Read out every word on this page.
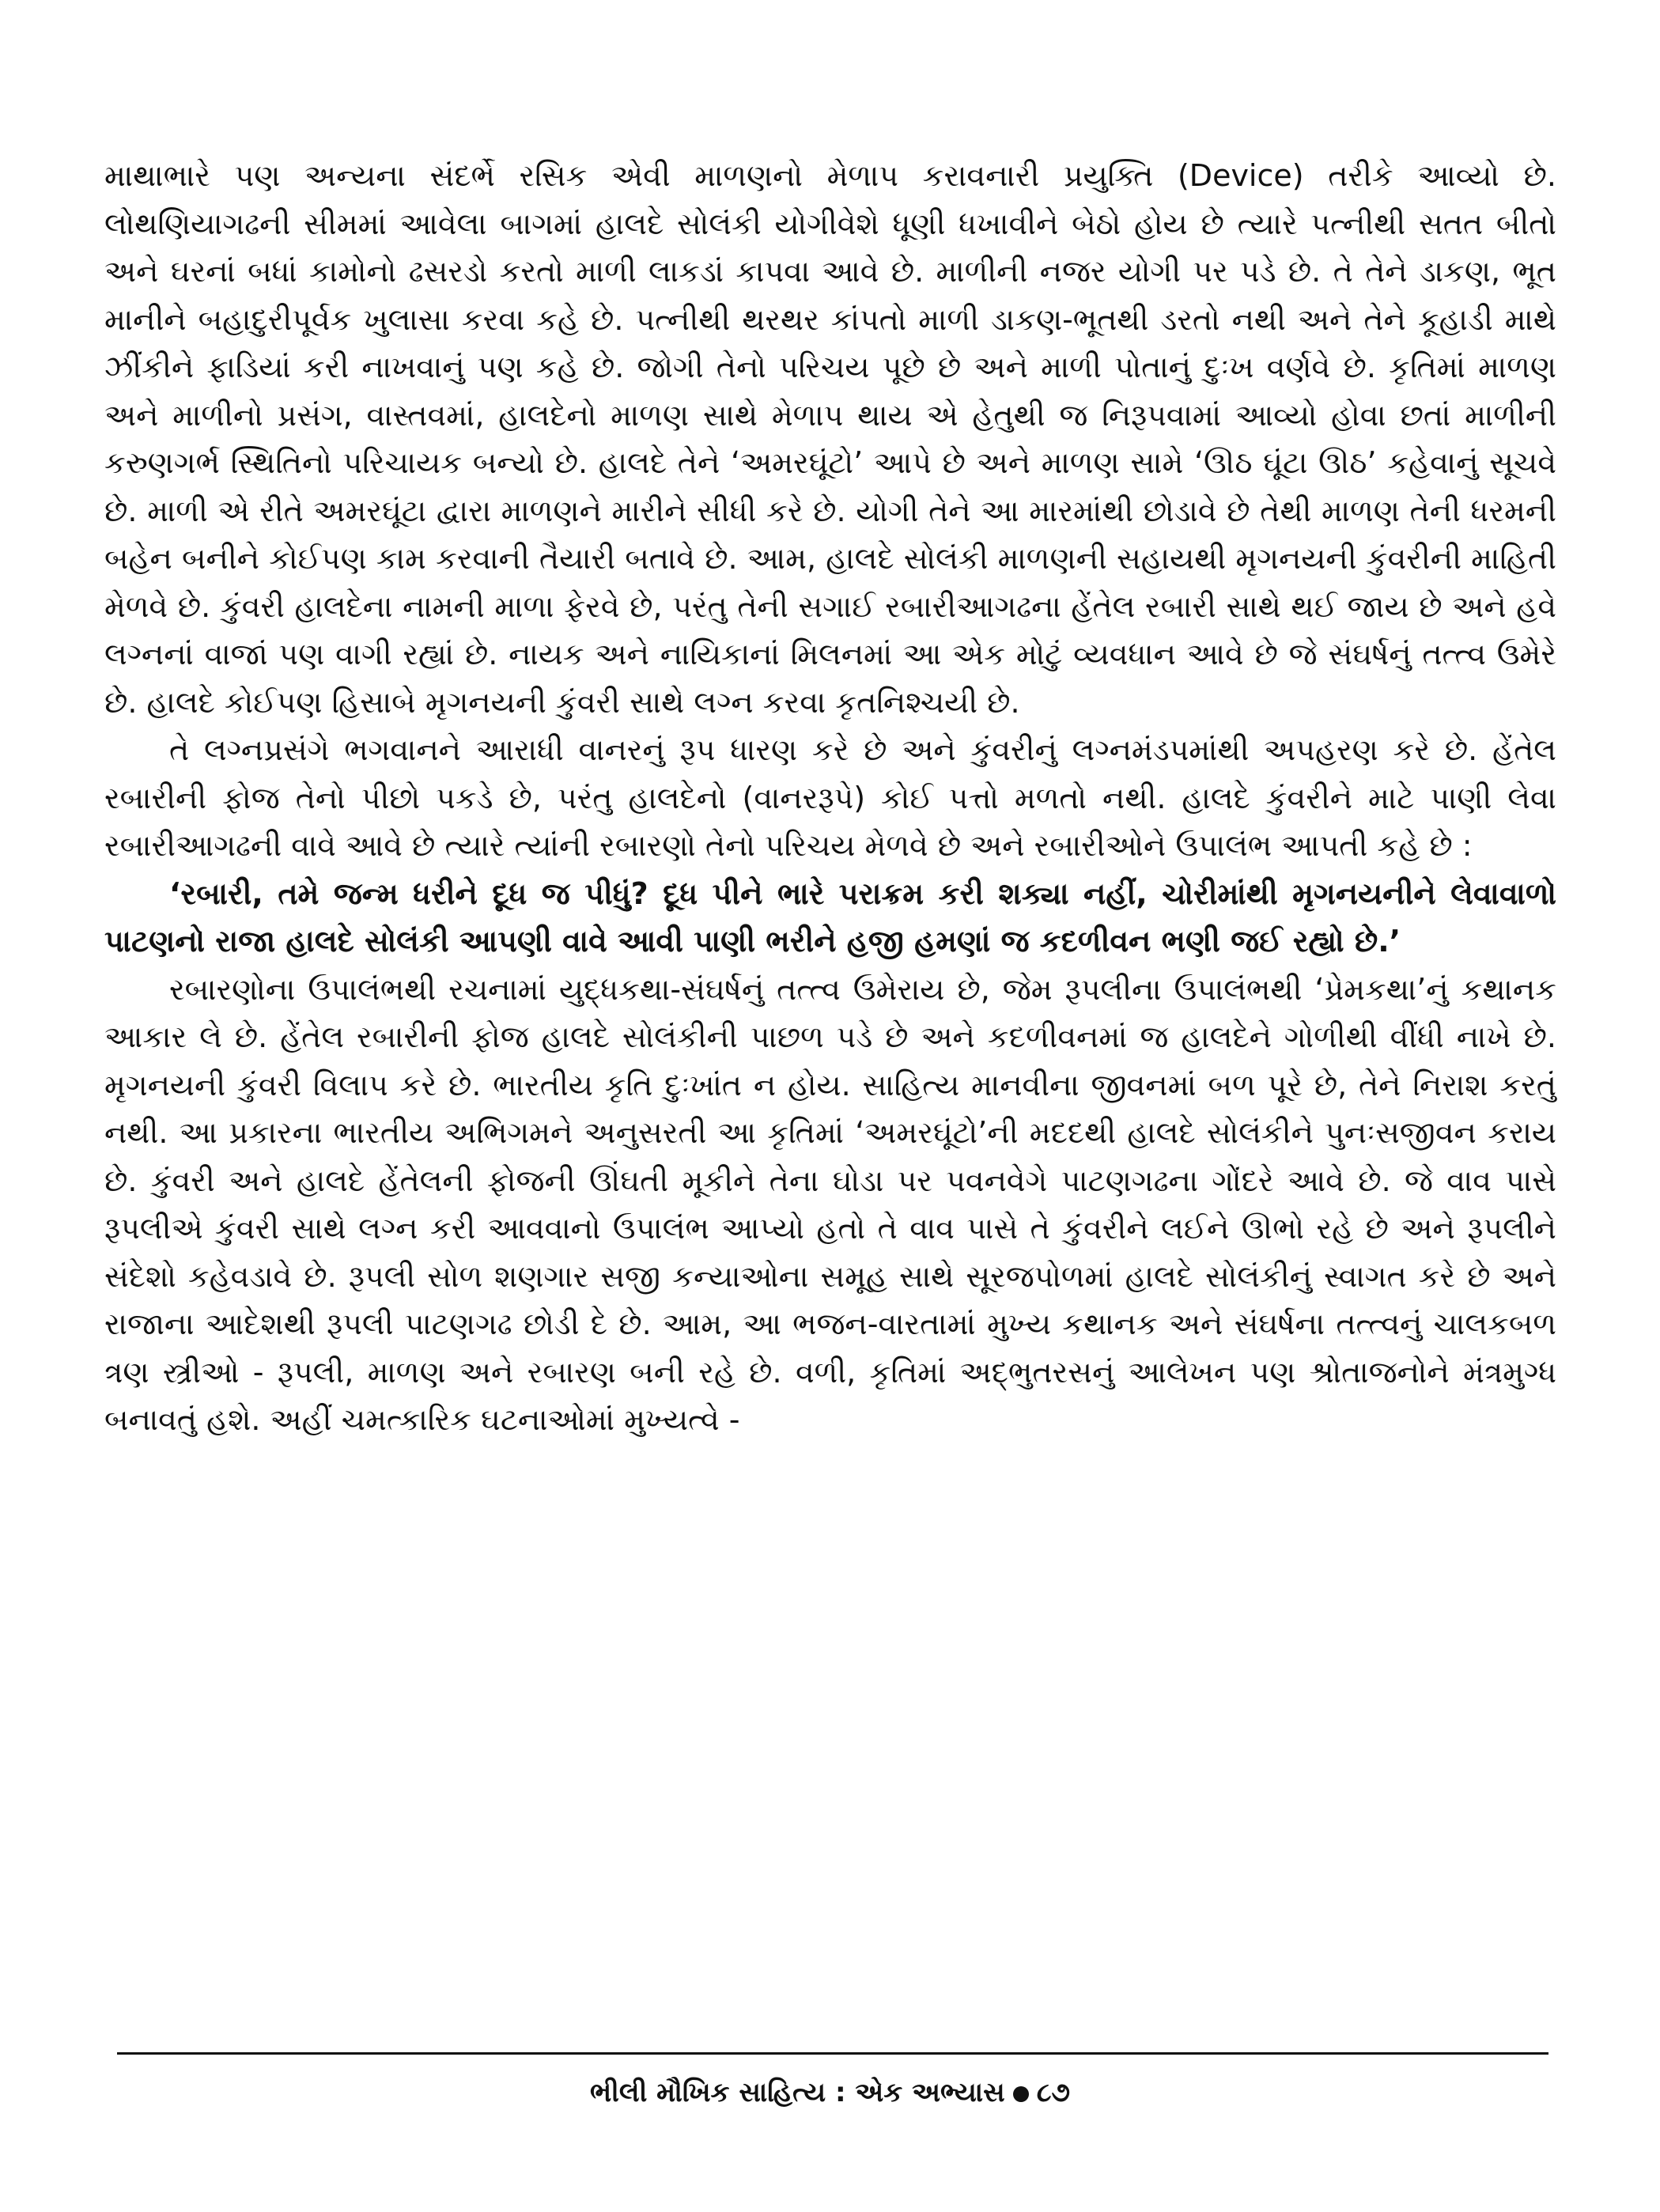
માથાભારે પણ અન્યના સંદર્ભે રસિક એવી માળણનો મેળાપ કરાવનારી પ્રયુક્તિ (Device) તરીકે આવ્યો છે. લોથણિયાગઢની સીમમાં આવેલા બાગમાં હાલદે સોલંકી યોગીવેશે ધૂણી ધખાવીને બેઠો હોય છે ત્યારે પત્નીથી સતત બીતો અને ઘરનાં બધાં કામોનો ઢસરડો કરતો માળી લાકડાં કાપવા આવે છે. માળીની નજર યોગી પર પડે છે. તે તેને ડાકણ, ભૂત માનીને બહાદુરીપૂર્વક ખુલાસા કરવા કહે છે. પત્નીથી થરથર કાંપતો માળી ડાકણ-ભૂતથી ડરતો નથી અને તેને કૂહાડી માથે ઝીંકીને ફાડિયાં કરી નાખવાનું પણ કહે છે. જોગી તેનો પરિચય પૂછે છે અને માળી પોતાનું દુઃખ વર્ણવે છે. કૃતિમાં માળણ અને માળીનો પ્રસંગ, વાસ્તવમાં, હાલદેનો માળણ સાથે મેળાપ થાય એ હેતુથી જ નિરૂપવામાં આવ્યો હોવા છતાં માળીની કરુણગર્ભ સ્થિતિનો પરિચાયક બન્યો છે. હાલદે તેને ‘અમરઘૂંટો’ આપે છે અને માળણ સામે ‘ઊઠ ઘૂંટા ઊઠ’ કહેવાનું સૂચવે છે. માળી એ રીતે અમરઘૂંટા દ્વારા માળણને મારીને સીધી કરે છે. યોગી તેને આ મારમાંથી છોડાવે છે તેથી માળણ તેની ધરમની બહેન બનીને કોઈપણ કામ કરવાની તૈયારી બતાવે છે. આમ, હાલદે સોલંકી માળણની સહાયથી મૃગનયની કુંવરીની માહિતી મેળવે છે. કુંવરી હાલદેના નામની માળા ફેરવે છે, પરંતુ તેની સગાઈ રબારીઆગઢના હેંતેલ રબારી સાથે થઈ જાય છે અને હવે લગ્નનાં વાજાં પણ વાગી રહ્યાં છે. નાયક અને નાયિકાનાં મિલનમાં આ એક મોટું વ્યવધાન આવે છે જે સંઘર્ષનું તત્ત્વ ઉમેરે છે. હાલદે કોઈપણ હિસાબે મૃગનયની કુંવરી સાથે લગ્ન કરવા કૃતનિશ્ચયી છે.

તે લગ્નપ્રસંગે ભગવાનને આરાધી વાનરનું રૂપ ધારણ કરે છે અને કુંવરીનું લગ્નમંડપમાંથી અપહરણ કરે છે. હેંતેલ રબારીની ફોજ તેનો પીછો પકડે છે, પરંતુ હાલદેનો (વાનરરૂપે) કોઈ પત્તો મળતો નથી. હાલદે કુંવરીને માટે પાણી લેવા રબારીઆગઢની વાવે આવે છે ત્યારે ત્યાંની રબારણો તેનો પરિચય મેળવે છે અને રબારીઓને ઉપાલંભ આપતી કહે છે :

‘રબારી, તમે જન્મ ધરીને દૂધ જ પીધું? દૂધ પીને ભારે પરાક્રમ કરી શક્યા નહીં, ચોરીમાંથી મૃગનયનીને લેવાવાળો પાટણનો રાજા હાલદે સોલંકી આપણી વાવે આવી પાણી ભરીને હજી હમણાં જ કદળીવન ભણી જઈ રહ્યો છે.’

રબારણોના ઉપાલંભથી રચનામાં યુદ્ધકથા-સંઘર્ષનું તત્ત્વ ઉમેરાય છે, જેમ રૂપલીના ઉપાલંભથી ‘પ્રેમકથા’નું કથાનક આકાર લે છે. હેંતેલ રબારીની ફોજ હાલદે સોલંકીની પાછળ પડે છે અને કદળીવનમાં જ હાલદેને ગોળીથી વીંધી નાખે છે. મૃગનયની કુંવરી વિલાપ કરે છે. ભારતીય કૃતિ દુઃખાંત ન હોય. સાહિત્ય માનવીના જીવનમાં બળ પૂરે છે, તેને નિરાશ કરતું નથી. આ પ્રકારના ભારતીય અભિગમને અનુસરતી આ કૃતિમાં ‘અમરઘૂંટો’ની મદદથી હાલદે સોલંકીને પુનઃસજીવન કરાય છે. કુંવરી અને હાલદે હેંતેલની ફોજની ઊંઘતી મૂકીને તેના ઘોડા પર પવનવેગે પાટણગઢના ગોંદરે આવે છે. જે વાવ પાસે રૂપલીએ કુંવરી સાથે લગ્ન કરી આવવાનો ઉપાલંભ આપ્યો હતો તે વાવ પાસે તે કુંવરીને લઈને ઊભો રહે છે અને રૂપલીને સંદેશો કહેવડાવે છે. રૂપલી સોળ શણગાર સજી કન્યાઓના સમૂહ સાથે સૂરજપોળમાં હાલદે સોલંકીનું સ્વાગત કરે છે અને રાજાના આદેશથી રૂપલી પાટણગઢ છોડી દે છે. આમ, આ ભજન-વારતામાં મુખ્ય કથાનક અને સંઘર્ષના તત્ત્વનું ચાલકબળ ત્રણ સ્ત્રીઓ - રૂપલી, માળણ અને રબારણ બની રહે છે. વળી, કૃતિમાં અદ્‌ભુતરસનું આલેખન પણ શ્રોતાજનોને મંત્રમુગ્ધ બનાવતું હશે. અહીં ચમત્કારિક ઘટનાઓમાં મુખ્યત્વે -

ભીલી મૌખિક સાહિત્ય : એક અભ્યાસ ૮૭
